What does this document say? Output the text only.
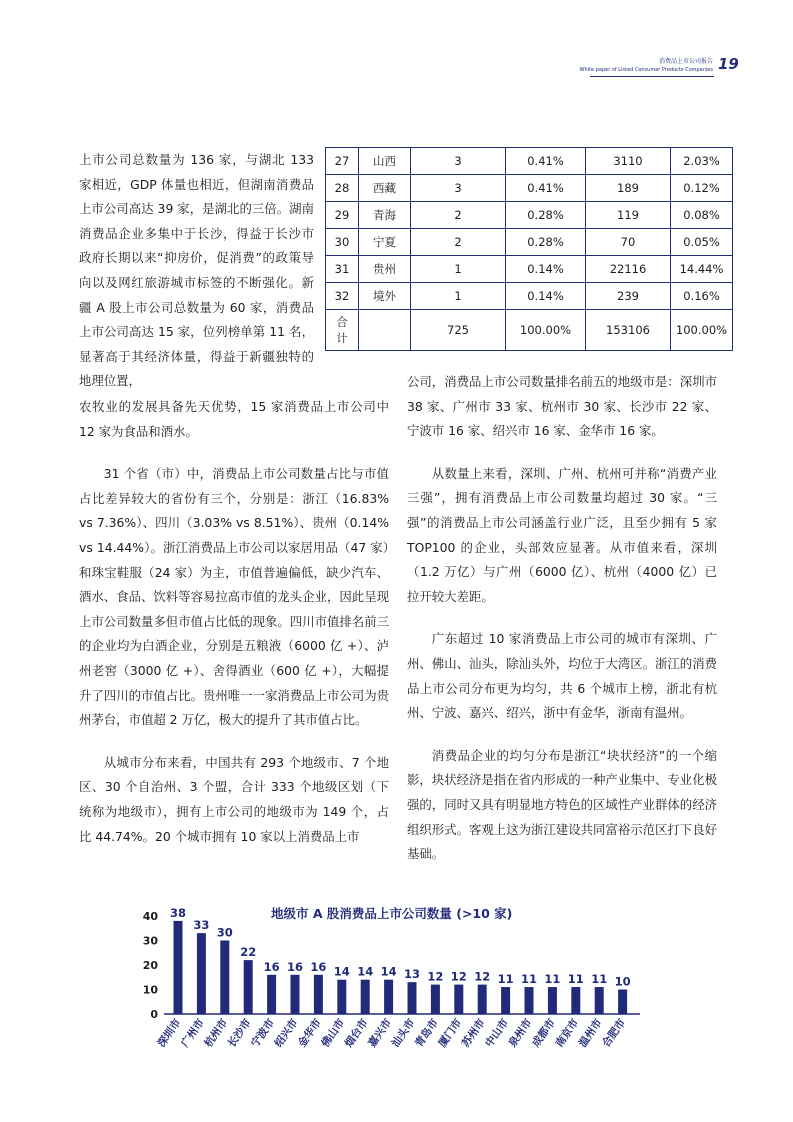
消费品上市公司报告
White paper of Listed Consumer Products Companies 19

上市公司总数量为 136 家，与湖北 133 家相近，GDP 体量也相近，但湖南消费品上市公司高达 39 家，是湖北的三倍。湖南消费品企业多集中于长沙，得益于长沙市政府长期以来“抑房价，促消费”的政策导向以及网红旅游城市标签的不断强化。新疆 A 股上市公司总数量为 60 家，消费品上市公司高达 15 家，位列榜单第 11 名，显著高于其经济体量，得益于新疆独特的地理位置，

农牧业的发展具备先天优势，15 家消费品上市公司中 12 家为食品和酒水。

31 个省（市）中，消费品上市公司数量占比与市值占比差异较大的省份有三个，分别是：浙江（16.83% vs 7.36%）、四川（3.03% vs 8.51%）、贵州（0.14% vs 14.44%）。浙江消费品上市公司以家居用品（47 家）和珠宝鞋服（24 家）为主，市值普遍偏低，缺少汽车、酒水、食品、饮料等容易拉高市值的龙头企业，因此呈现上市公司数量多但市值占比低的现象。四川市值排名前三的企业均为白酒企业，分别是五粮液（6000 亿 +）、泸州老窖（3000 亿 +）、舍得酒业（600 亿 +），大幅提升了四川的市值占比。贵州唯一一家消费品上市公司为贵州茅台，市值超 2 万亿，极大的提升了其市值占比。

从城市分布来看，中国共有 293 个地级市、7 个地区、30 个自治州、3 个盟，合计 333 个地级区划（下统称为地级市），拥有上市公司的地级市为 149 个，占比 44.74%。20 个城市拥有 10 家以上消费品上市

公司，消费品上市公司数量排名前五的地级市是：深圳市 38 家、广州市 33 家、杭州市 30 家、长沙市 22 家、宁波市 16 家、绍兴市 16 家、金华市 16 家。

从数量上来看，深圳、广州、杭州可并称“消费产业三强”，拥有消费品上市公司数量均超过 30 家。“三强”的消费品上市公司涵盖行业广泛，且至少拥有 5 家 TOP100 的企业，头部效应显著。从市值来看，深圳（1.2 万亿）与广州（6000 亿）、杭州（4000 亿）已拉开较大差距。

广东超过 10 家消费品上市公司的城市有深圳、广州、佛山、汕头，除汕头外，均位于大湾区。浙江的消费品上市公司分布更为均匀，共 6 个城市上榜，浙北有杭州、宁波、嘉兴、绍兴，浙中有金华，浙南有温州。

消费品企业的均匀分布是浙江“块状经济”的一个缩影，块状经济是指在省内形成的一种产业集中、专业化极强的，同时又具有明显地方特色的区域性产业群体的经济组织形式。客观上这为浙江建设共同富裕示范区打下良好基础。

27	山西	3	0.41%	3110	2.03%
28	西藏	3	0.41%	189	0.12%
29	青海	2	0.28%	119	0.08%
30	宁夏	2	0.28%	70	0.05%
31	贵州	1	0.14%	22116	14.44%
32	境外	1	0.14%	239	0.16%
合计		725	100.00%	153106	100.00%
地级市 A 股消费品上市公司数量 (>10 家)
0
10
20
30
40 38
深圳市
33
广州市
30
杭州市
22
长沙市
16
宁波市
16
绍兴市
16
金华市
14
佛山市
14
烟台市
14
嘉兴市
13
汕头市
12
青岛市
12
厦门市
12
苏州市
11
中山市
11
泉州市
11
成都市
11
南京市
11
温州市
10
合肥市
